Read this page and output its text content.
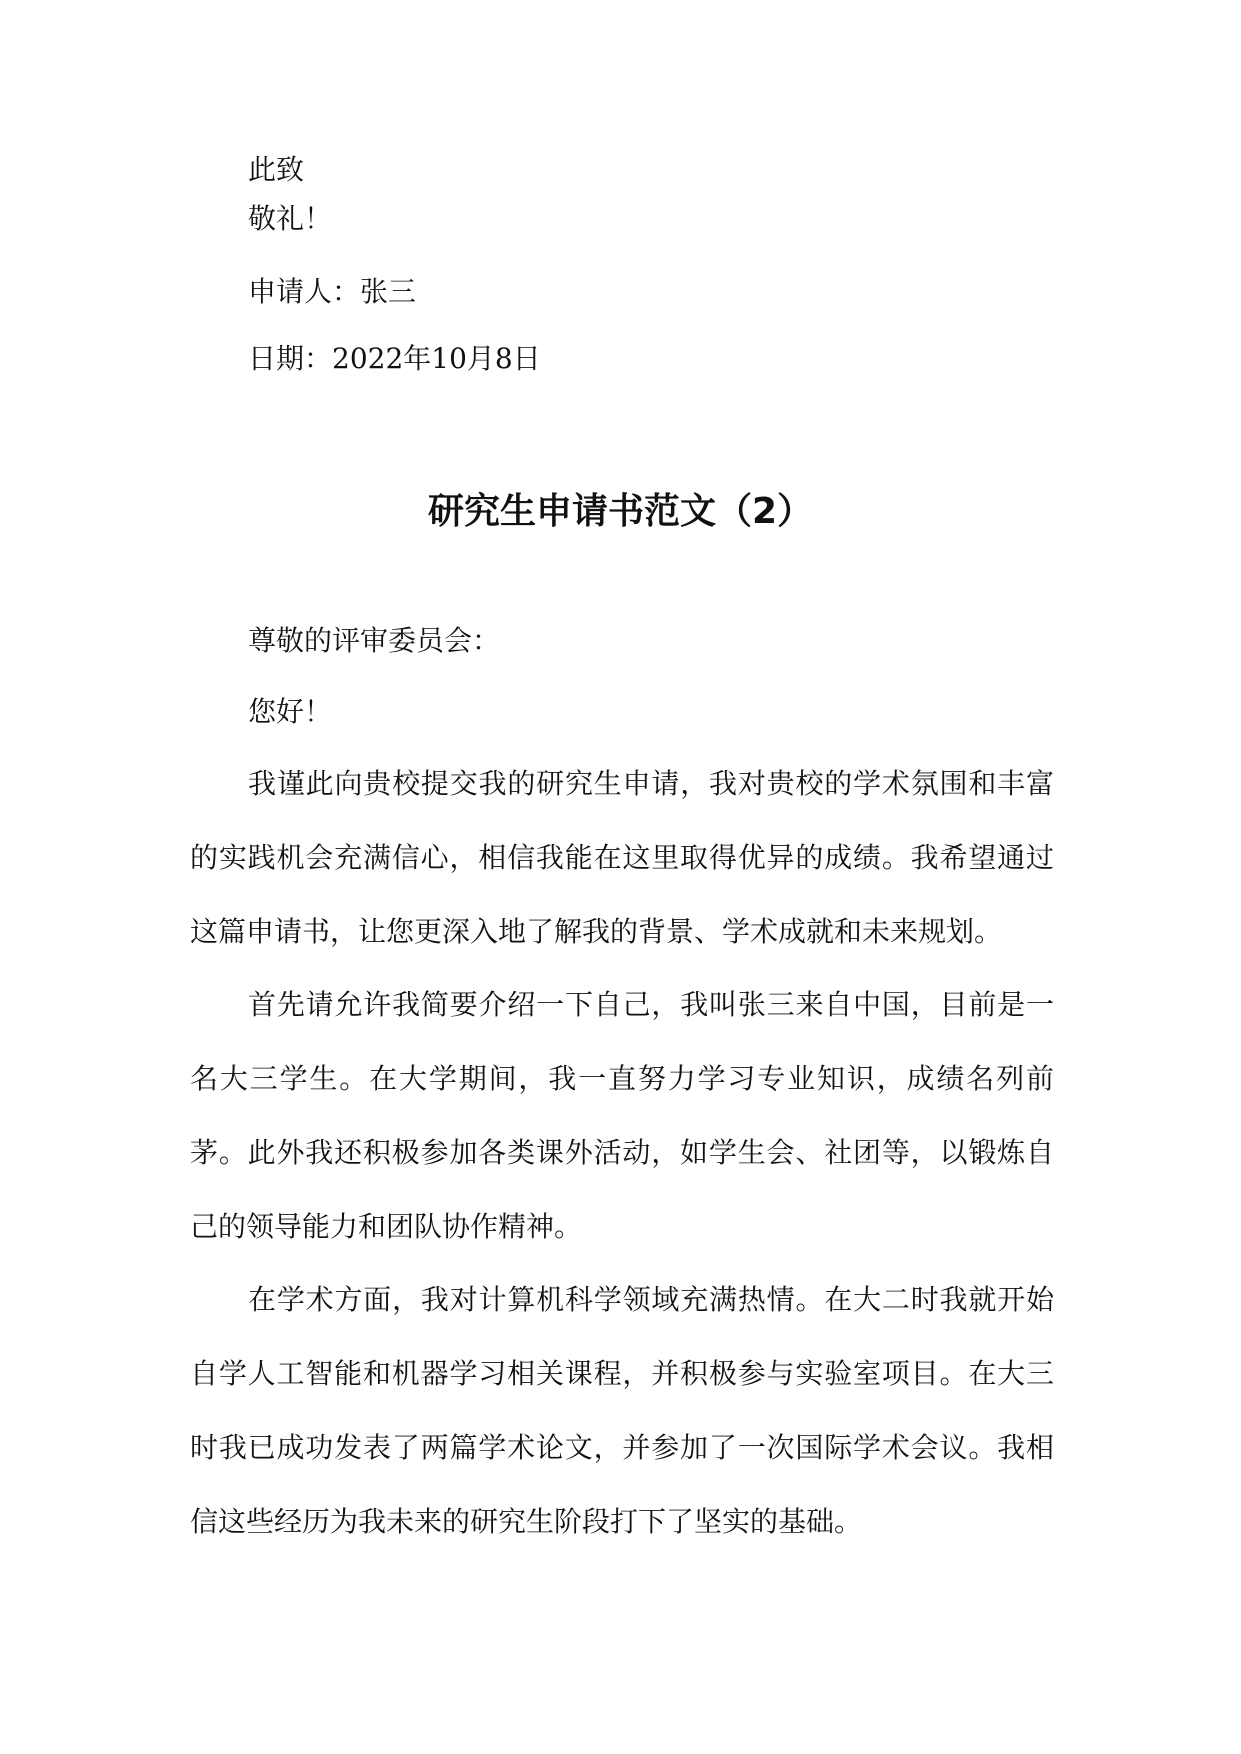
此致
敬礼！
申请人：张三
日期：2022年10月8日
研究生申请书范文（2）
尊敬的评审委员会：
您好！

我谨此向贵校提交我的研究生申请，我对贵校的学术氛围和丰富的实践机会充满信心，相信我能在这里取得优异的成绩。我希望通过这篇申请书，让您更深入地了解我的背景、学术成就和未来规划。

首先请允许我简要介绍一下自己，我叫张三来自中国，目前是一名大三学生。在大学期间，我一直努力学习专业知识，成绩名列前茅。此外我还积极参加各类课外活动，如学生会、社团等，以锻炼自己的领导能力和团队协作精神。

在学术方面，我对计算机科学领域充满热情。在大二时我就开始自学人工智能和机器学习相关课程，并积极参与实验室项目。在大三时我已成功发表了两篇学术论文，并参加了一次国际学术会议。我相信这些经历为我未来的研究生阶段打下了坚实的基础。
